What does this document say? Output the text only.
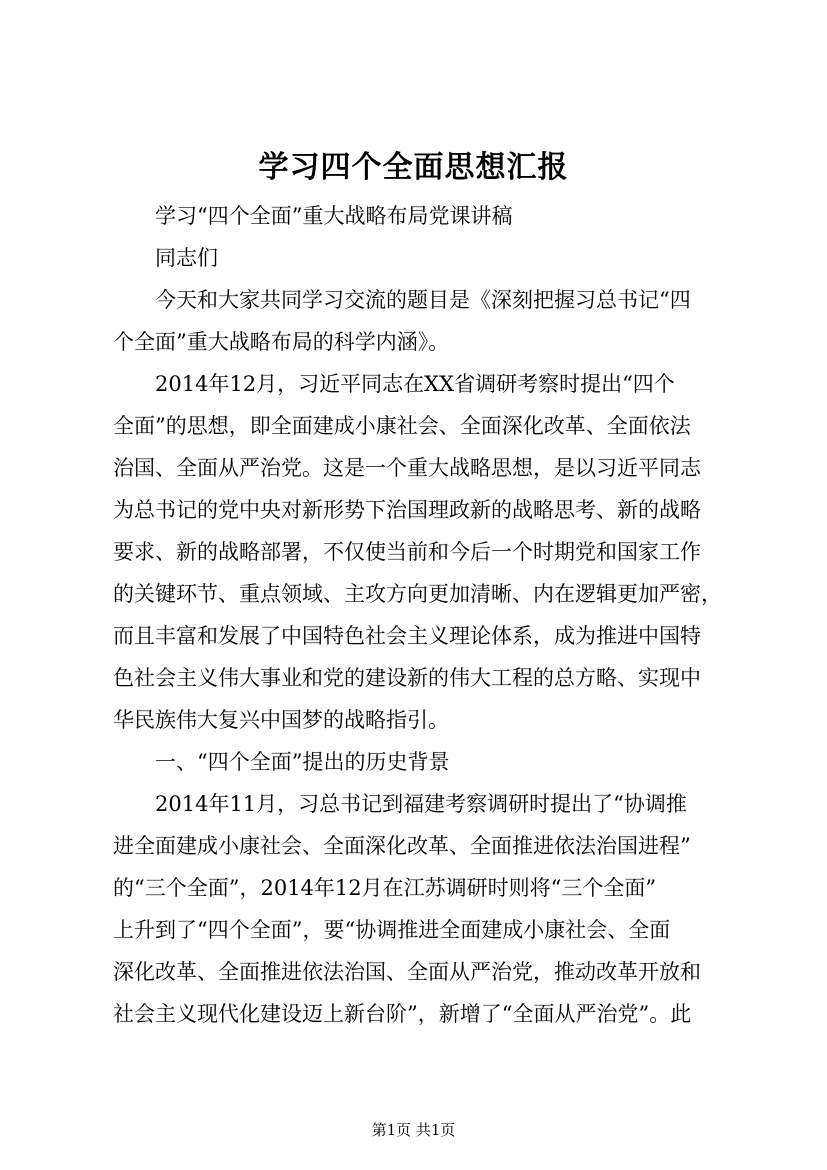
学习四个全面思想汇报
学习“四个全面”重大战略布局党课讲稿
同志们
今天和大家共同学习交流的题目是《深刻把握习总书记“四
个全面”重大战略布局的科学内涵》。
2014年12月，习近平同志在XX省调研考察时提出“四个
全面”的思想，即全面建成小康社会、全面深化改革、全面依法
治国、全面从严治党。这是一个重大战略思想，是以习近平同志
为总书记的党中央对新形势下治国理政新的战略思考、新的战略
要求、新的战略部署，不仅使当前和今后一个时期党和国家工作
的关键环节、重点领域、主攻方向更加清晰、内在逻辑更加严密，
而且丰富和发展了中国特色社会主义理论体系，成为推进中国特
色社会主义伟大事业和党的建设新的伟大工程的总方略、实现中
华民族伟大复兴中国梦的战略指引。
一、“四个全面”提出的历史背景
2014年11月，习总书记到福建考察调研时提出了“协调推
进全面建成小康社会、全面深化改革、全面推进依法治国进程”
的“三个全面”，2014年12月在江苏调研时则将“三个全面”
上升到了“四个全面”，要“协调推进全面建成小康社会、全面
深化改革、全面推进依法治国、全面从严治党，推动改革开放和
社会主义现代化建设迈上新台阶”，新增了“全面从严治党”。此
第1页 共1页
